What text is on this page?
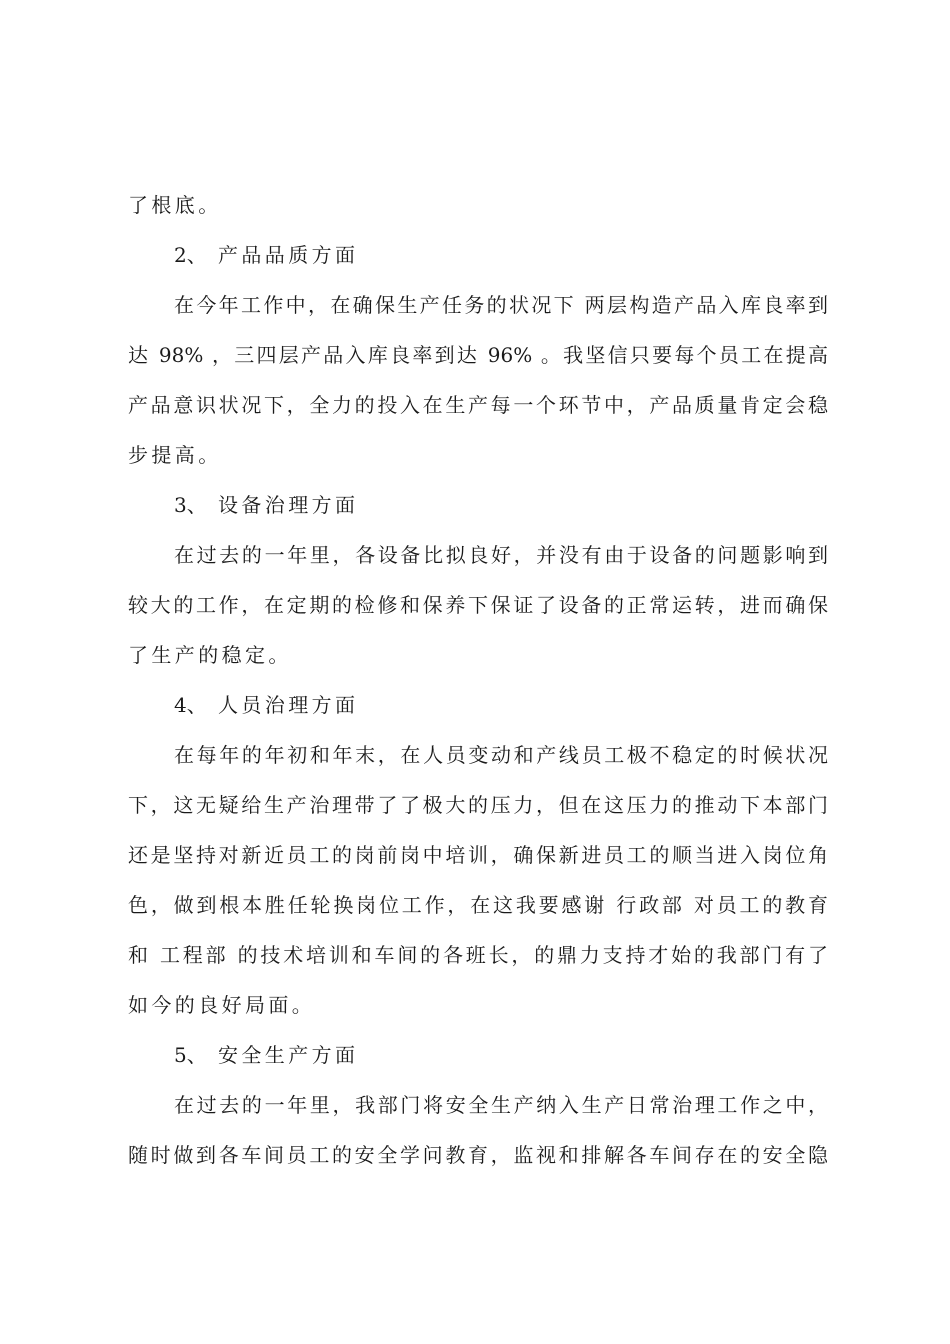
了根底。
2、 产品品质方面
在今年工作中，在确保生产任务的状况下 两层构造产品入库良率到
达 98% ，三四层产品入库良率到达 96% 。我坚信只要每个员工在提高
产品意识状况下，全力的投入在生产每一个环节中，产品质量肯定会稳
步提高。
3、 设备治理方面
在过去的一年里，各设备比拟良好，并没有由于设备的问题影响到
较大的工作，在定期的检修和保养下保证了设备的正常运转，进而确保
了生产的稳定。
4、 人员治理方面
在每年的年初和年末，在人员变动和产线员工极不稳定的时候状况
下，这无疑给生产治理带了了极大的压力，但在这压力的推动下本部门
还是坚持对新近员工的岗前岗中培训，确保新进员工的顺当进入岗位角
色，做到根本胜任轮换岗位工作，在这我要感谢 行政部 对员工的教育
和 工程部 的技术培训和车间的各班长，的鼎力支持才始的我部门有了
如今的良好局面。
5、 安全生产方面
在过去的一年里，我部门将安全生产纳入生产日常治理工作之中，
随时做到各车间员工的安全学问教育，监视和排解各车间存在的安全隐
